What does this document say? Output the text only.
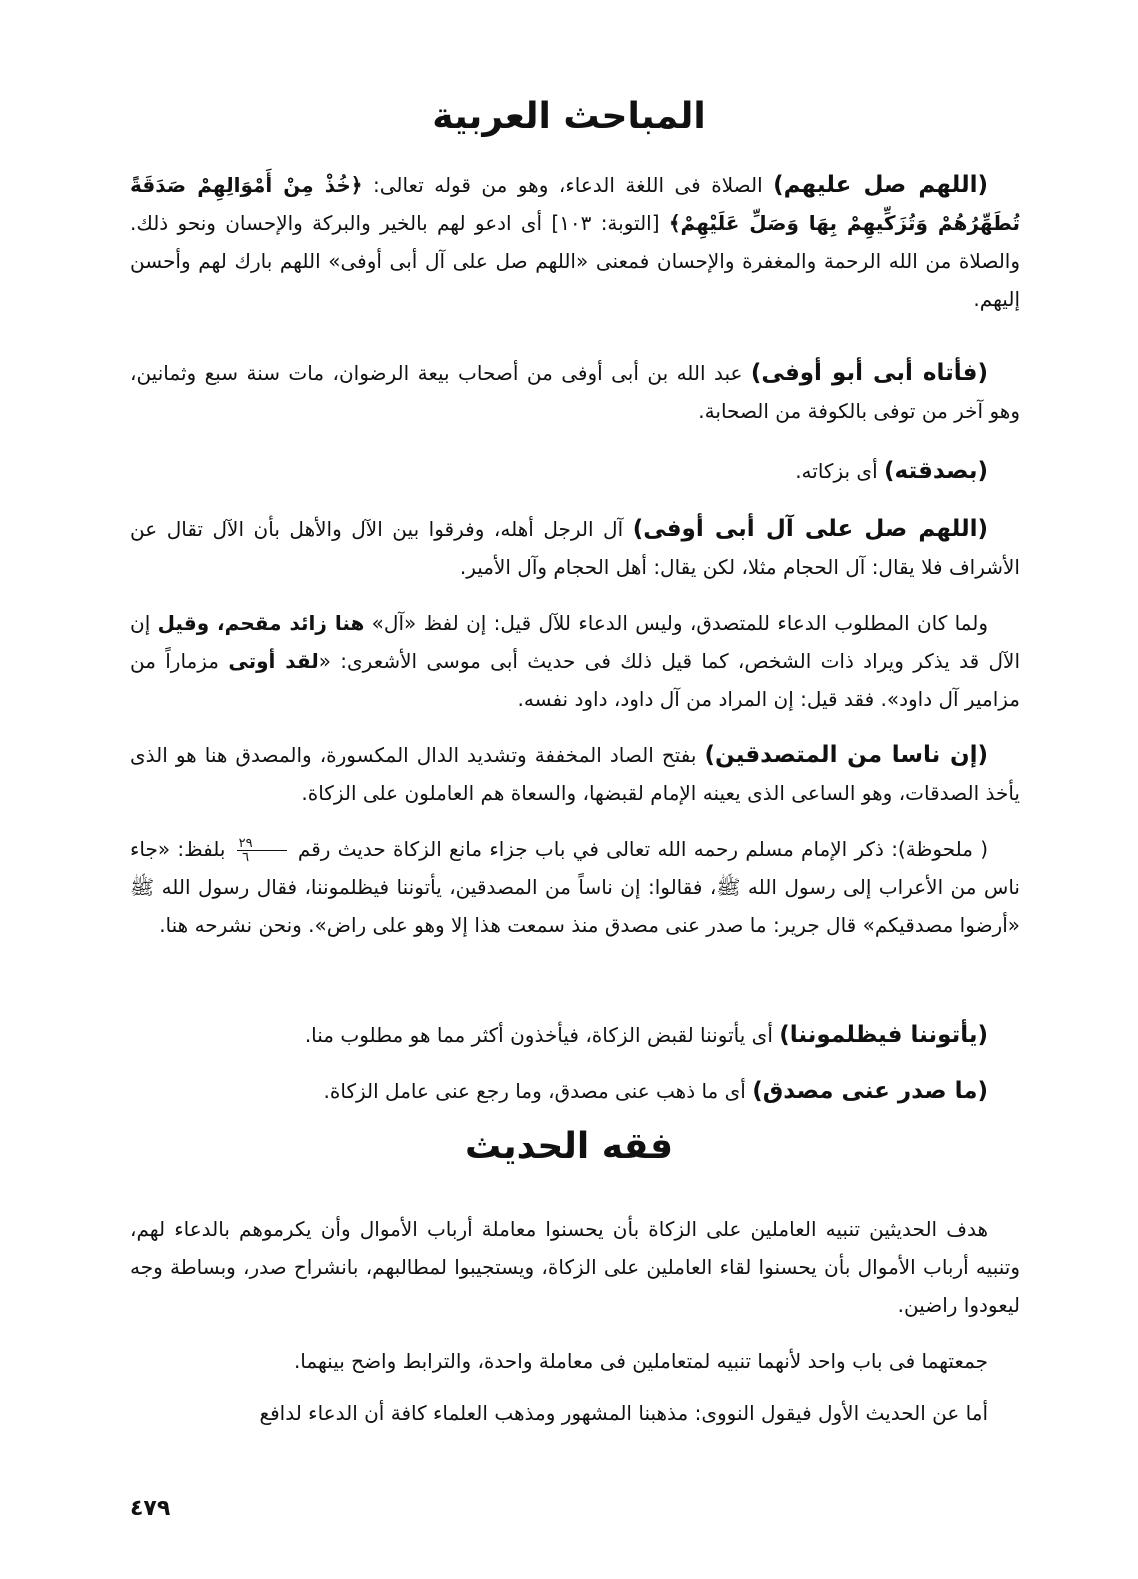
المباحث العربية
(اللهم صل عليهم) الصلاة فى اللغة الدعاء، وهو من قوله تعالى: ﴿خُذْ مِنْ أَمْوَالِهِمْ صَدَقَةً تُطَهِّرُهُمْ وَتُزَكِّيهِمْ بِهَا وَصَلِّ عَلَيْهِمْ﴾ [التوبة: ١٠٣] أى ادعو لهم بالخير والبركة والإحسان ونحو ذلك. والصلاة من الله الرحمة والمغفرة والإحسان فمعنى «اللهم صل على آل أبى أوفى» اللهم بارك لهم وأحسن إليهم.
(فأتاه أبى أبو أوفى) عبد الله بن أبى أوفى من أصحاب بيعة الرضوان، مات سنة سبع وثمانين، وهو آخر من توفى بالكوفة من الصحابة.
(بصدقته) أى بزكاته.
(اللهم صل على آل أبى أوفى) آل الرجل أهله، وفرقوا بين الآل والأهل بأن الآل تقال عن الأشراف فلا يقال: آل الحجام مثلا، لكن يقال: أهل الحجام وآل الأمير.
ولما كان المطلوب الدعاء للمتصدق، وليس الدعاء للآل قيل: إن لفظ «آل» هنا زائد مقحم، وقيل إن الآل قد يذكر ويراد ذات الشخص، كما قيل ذلك فى حديث أبى موسى الأشعرى: «لقد أوتى مزماراً من مزامير آل داود». فقد قيل: إن المراد من آل داود، داود نفسه.
(إن ناسا من المتصدقين) بفتح الصاد المخففة وتشديد الدال المكسورة، والمصدق هنا هو الذى يأخذ الصدقات، وهو الساعى الذى يعينه الإمام لقبضها، والسعاة هم العاملون على الزكاة.
( ملحوظة): ذكر الإمام مسلم رحمه الله تعالى في باب جزاء مانع الزكاة حديث رقم
$\frac{٢٩}{٦}$
بلفظ: «جاء ناس من الأعراب إلى رسول الله ﷺ، فقالوا: إن ناساً من المصدقين، يأتوننا فيظلموننا، فقال رسول الله ﷺ «أرضوا مصدقيكم» قال جرير: ما صدر عنى مصدق منذ سمعت هذا إلا وهو على راض». ونحن نشرحه هنا.
(يأتوننا فيظلموننا) أى يأتوننا لقبض الزكاة، فيأخذون أكثر مما هو مطلوب منا.
(ما صدر عنى مصدق) أى ما ذهب عنى مصدق، وما رجع عنى عامل الزكاة.
فقه الحديث
هدف الحديثين تنبيه العاملين على الزكاة بأن يحسنوا معاملة أرباب الأموال وأن يكرموهم بالدعاء لهم، وتنبيه أرباب الأموال بأن يحسنوا لقاء العاملين على الزكاة، ويستجيبوا لمطالبهم، بانشراح صدر، وبساطة وجه ليعودوا راضين.
جمعتهما فى باب واحد لأنهما تنبيه لمتعاملين فى معاملة واحدة، والترابط واضح بينهما.
أما عن الحديث الأول فيقول النووى: مذهبنا المشهور ومذهب العلماء كافة أن الدعاء لدافع
٤٧٩
